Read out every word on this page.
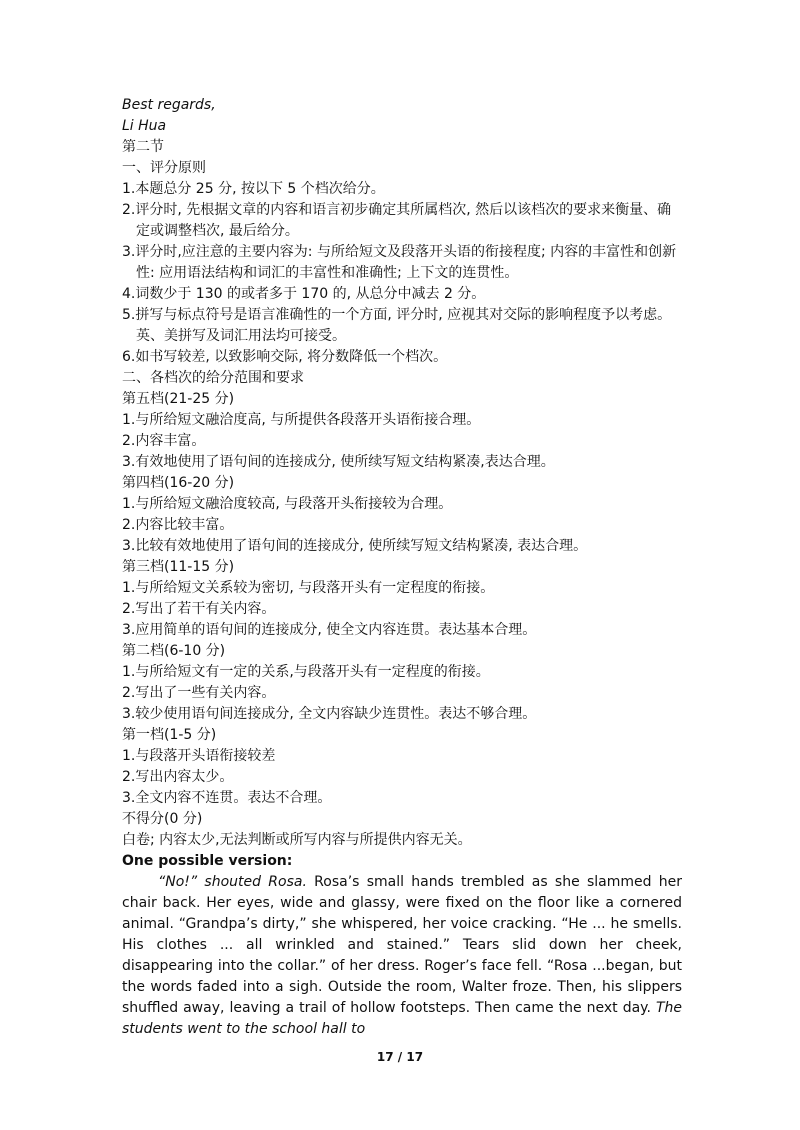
Best regards,
Li Hua
第二节
一、评分原则
1.本题总分 25 分, 按以下 5 个档次给分。
2.评分时, 先根据文章的内容和语言初步确定其所属档次, 然后以该档次的要求来衡量、确定或调整档次, 最后给分。
3.评分时,应注意的主要内容为: 与所给短文及段落开头语的衔接程度; 内容的丰富性和创新性: 应用语法结构和词汇的丰富性和准确性; 上下文的连贯性。
4.词数少于 130 的或者多于 170 的, 从总分中减去 2 分。
5.拼写与标点符号是语言准确性的一个方面, 评分时, 应视其对交际的影响程度予以考虑。英、美拼写及词汇用法均可接受。
6.如书写较差, 以致影响交际, 将分数降低一个档次。
二、各档次的给分范围和要求
第五档(21-25 分)
1.与所给短文融洽度高, 与所提供各段落开头语衔接合理。
2.内容丰富。
3.有效地使用了语句间的连接成分, 使所续写短文结构紧凑,表达合理。
第四档(16-20 分)
1.与所给短文融洽度较高, 与段落开头衔接较为合理。
2.内容比较丰富。
3.比较有效地使用了语句间的连接成分, 使所续写短文结构紧凑, 表达合理。
第三档(11-15 分)
1.与所给短文关系较为密切, 与段落开头有一定程度的衔接。
2.写出了若干有关内容。
3.应用简单的语句间的连接成分, 使全文内容连贯。表达基本合理。
第二档(6-10 分)
1.与所给短文有一定的关系,与段落开头有一定程度的衔接。
2.写出了一些有关内容。
3.较少使用语句间连接成分, 全文内容缺少连贯性。表达不够合理。
第一档(1-5 分)
1.与段落开头语衔接较差
2.写出内容太少。
3.全文内容不连贯。表达不合理。
不得分(0 分)
白卷; 内容太少,无法判断或所写内容与所提供内容无关。
One possible version:

“No!” shouted Rosa. Rosa’s small hands trembled as she slammed her chair back. Her eyes, wide and glassy, were fixed on the floor like a cornered animal. “Grandpa’s dirty,” she whispered, her voice cracking. “He ... he smells. His clothes ... all wrinkled and stained.” Tears slid down her cheek, disappearing into the collar.” of her dress. Roger’s face fell. “Rosa ...began, but the words faded into a sigh. Outside the room, Walter froze. Then, his slippers shuffled away, leaving a trail of hollow footsteps. Then came the next day. The students went to the school hall to

17 / 17
